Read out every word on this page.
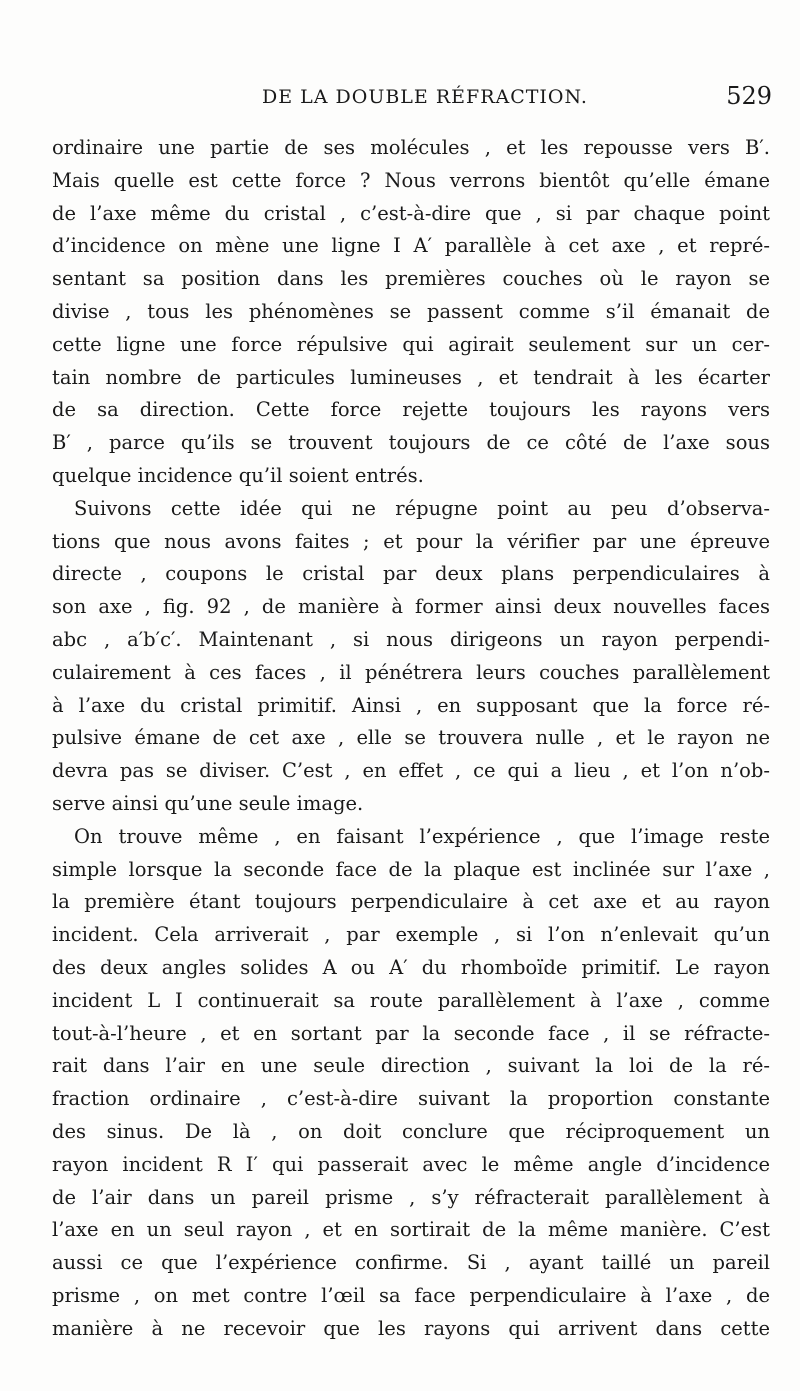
DE LA DOUBLE RÉFRACTION.	529
ordinaire une partie de ses molécules , et les repousse vers B′.
Mais quelle est cette force ? Nous verrons bientôt qu’elle émane
de l’axe même du cristal , c’est-à-dire que , si par chaque point
d’incidence on mène une ligne I A′ parallèle à cet axe , et repré-
sentant sa position dans les premières couches où le rayon se
divise , tous les phénomènes se passent comme s’il émanait de
cette ligne une force répulsive qui agirait seulement sur un cer-
tain nombre de particules lumineuses , et tendrait à les écarter
de sa direction. Cette force rejette toujours les rayons vers
B′ , parce qu’ils se trouvent toujours de ce côté de l’axe sous
quelque incidence qu’il soient entrés.
Suivons cette idée qui ne répugne point au peu d’observa-
tions que nous avons faites ; et pour la vérifier par une épreuve
directe , coupons le cristal par deux plans perpendiculaires à
son axe , fig. 92 , de manière à former ainsi deux nouvelles faces
abc , a′b′c′. Maintenant , si nous dirigeons un rayon perpendi-
culairement à ces faces , il pénétrera leurs couches parallèlement
à l’axe du cristal primitif. Ainsi , en supposant que la force ré-
pulsive émane de cet axe , elle se trouvera nulle , et le rayon ne
devra pas se diviser. C’est , en effet , ce qui a lieu , et l’on n’ob-
serve ainsi qu’une seule image.
On trouve même , en faisant l’expérience , que l’image reste
simple lorsque la seconde face de la plaque est inclinée sur l’axe ,
la première étant toujours perpendiculaire à cet axe et au rayon
incident. Cela arriverait , par exemple , si l’on n’enlevait qu’un
des deux angles solides A ou A′ du rhomboïde primitif. Le rayon
incident L I continuerait sa route parallèlement à l’axe , comme
tout-à-l’heure , et en sortant par la seconde face , il se réfracte-
rait dans l’air en une seule direction , suivant la loi de la ré-
fraction ordinaire , c’est-à-dire suivant la proportion constante
des sinus. De là , on doit conclure que réciproquement un
rayon incident R I′ qui passerait avec le même angle d’incidence
de l’air dans un pareil prisme , s’y réfracterait parallèlement à
l’axe en un seul rayon , et en sortirait de la même manière. C’est
aussi ce que l’expérience confirme. Si , ayant taillé un pareil
prisme , on met contre l’œil sa face perpendiculaire à l’axe , de
manière à ne recevoir que les rayons qui arrivent dans cette
